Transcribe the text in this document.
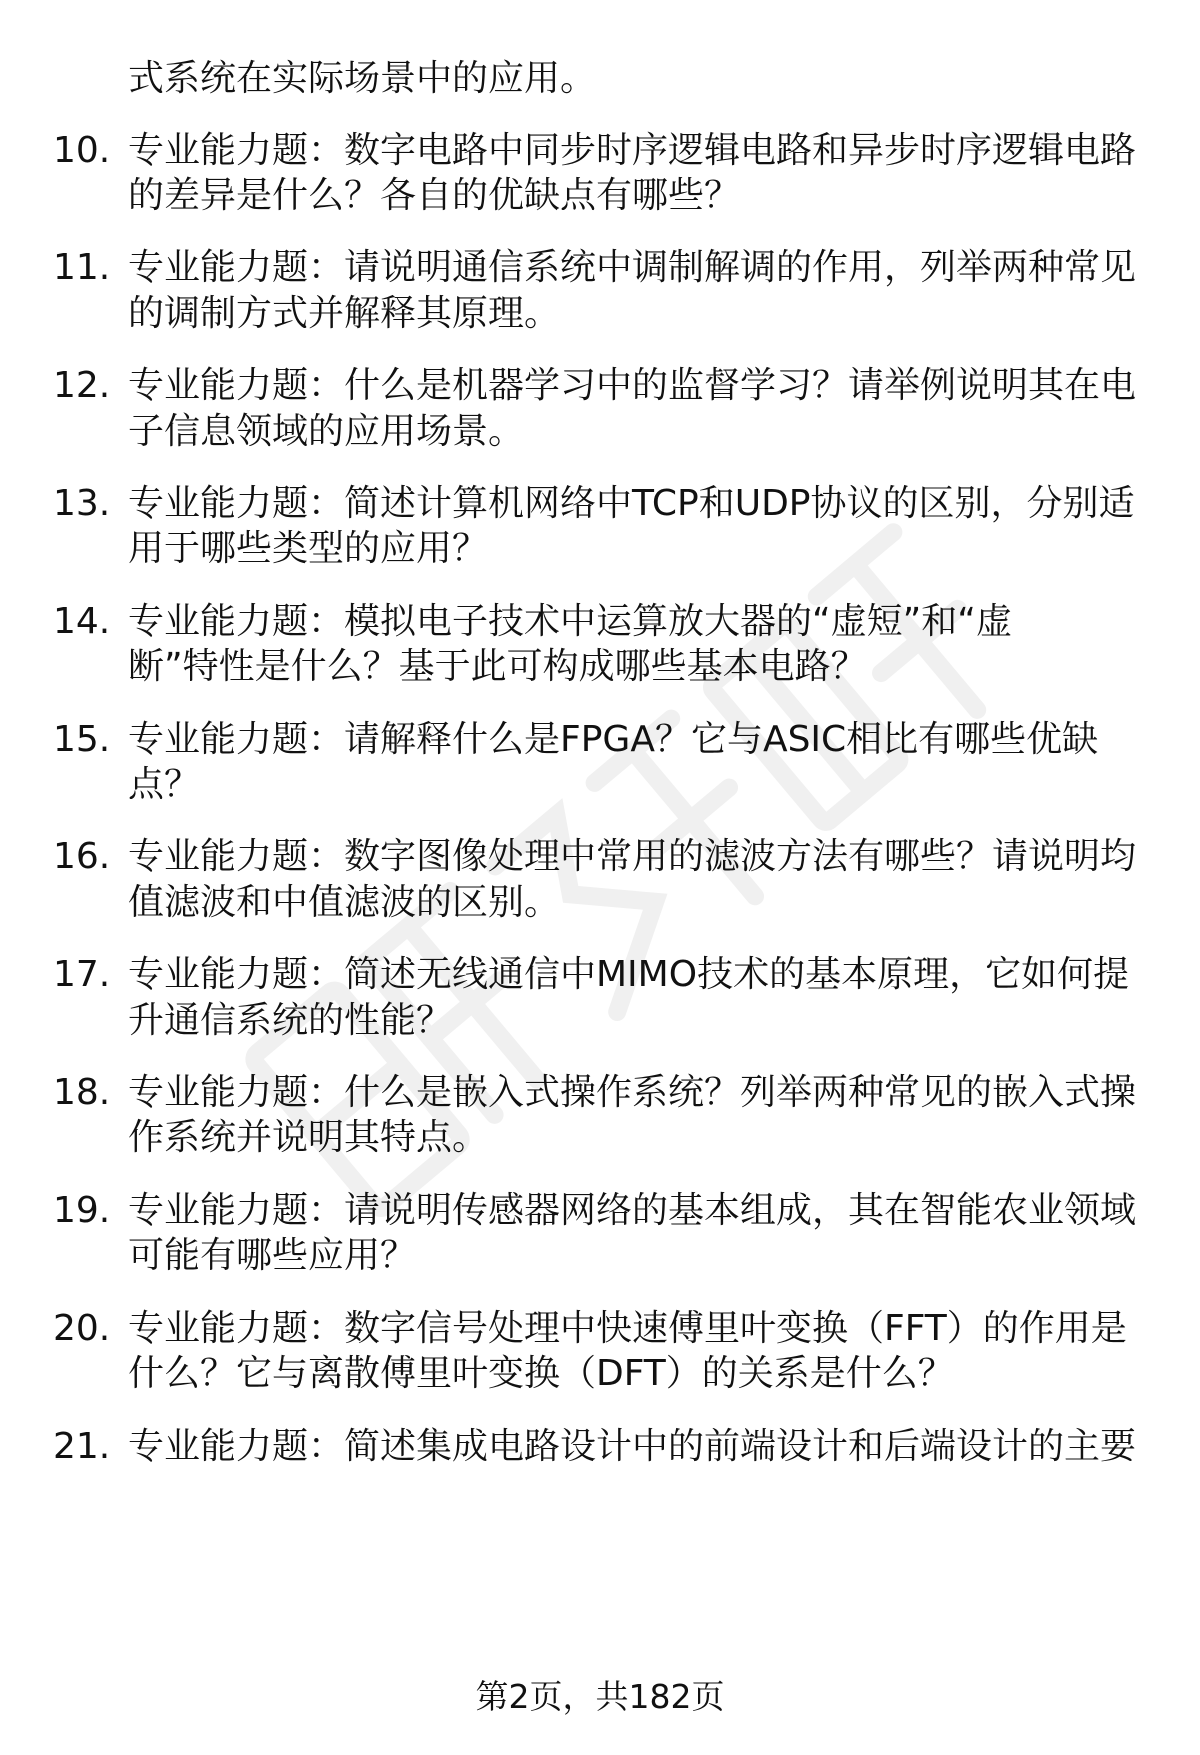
式系统在实际场景中的应用。
10. 专业能力题：数字电路中同步时序逻辑电路和异步时序逻辑电路
的差异是什么？各自的优缺点有哪些？
11. 专业能力题：请说明通信系统中调制解调的作用，列举两种常见
的调制方式并解释其原理。
12. 专业能力题：什么是机器学习中的监督学习？请举例说明其在电
子信息领域的应用场景。
13. 专业能力题：简述计算机网络中TCP和UDP协议的区别，分别适
用于哪些类型的应用？
14. 专业能力题：模拟电子技术中运算放大器的“虚短”和“虚
断”特性是什么？基于此可构成哪些基本电路？
15. 专业能力题：请解释什么是FPGA？它与ASIC相比有哪些优缺
点？
16. 专业能力题：数字图像处理中常用的滤波方法有哪些？请说明均
值滤波和中值滤波的区别。
17. 专业能力题：简述无线通信中MIMO技术的基本原理，它如何提
升通信系统的性能？
18. 专业能力题：什么是嵌入式操作系统？列举两种常见的嵌入式操
作系统并说明其特点。
19. 专业能力题：请说明传感器网络的基本组成，其在智能农业领域
可能有哪些应用？
20. 专业能力题：数字信号处理中快速傅里叶变换（FFT）的作用是
什么？它与离散傅里叶变换（DFT）的关系是什么？
21. 专业能力题：简述集成电路设计中的前端设计和后端设计的主要
第2页，共182页
